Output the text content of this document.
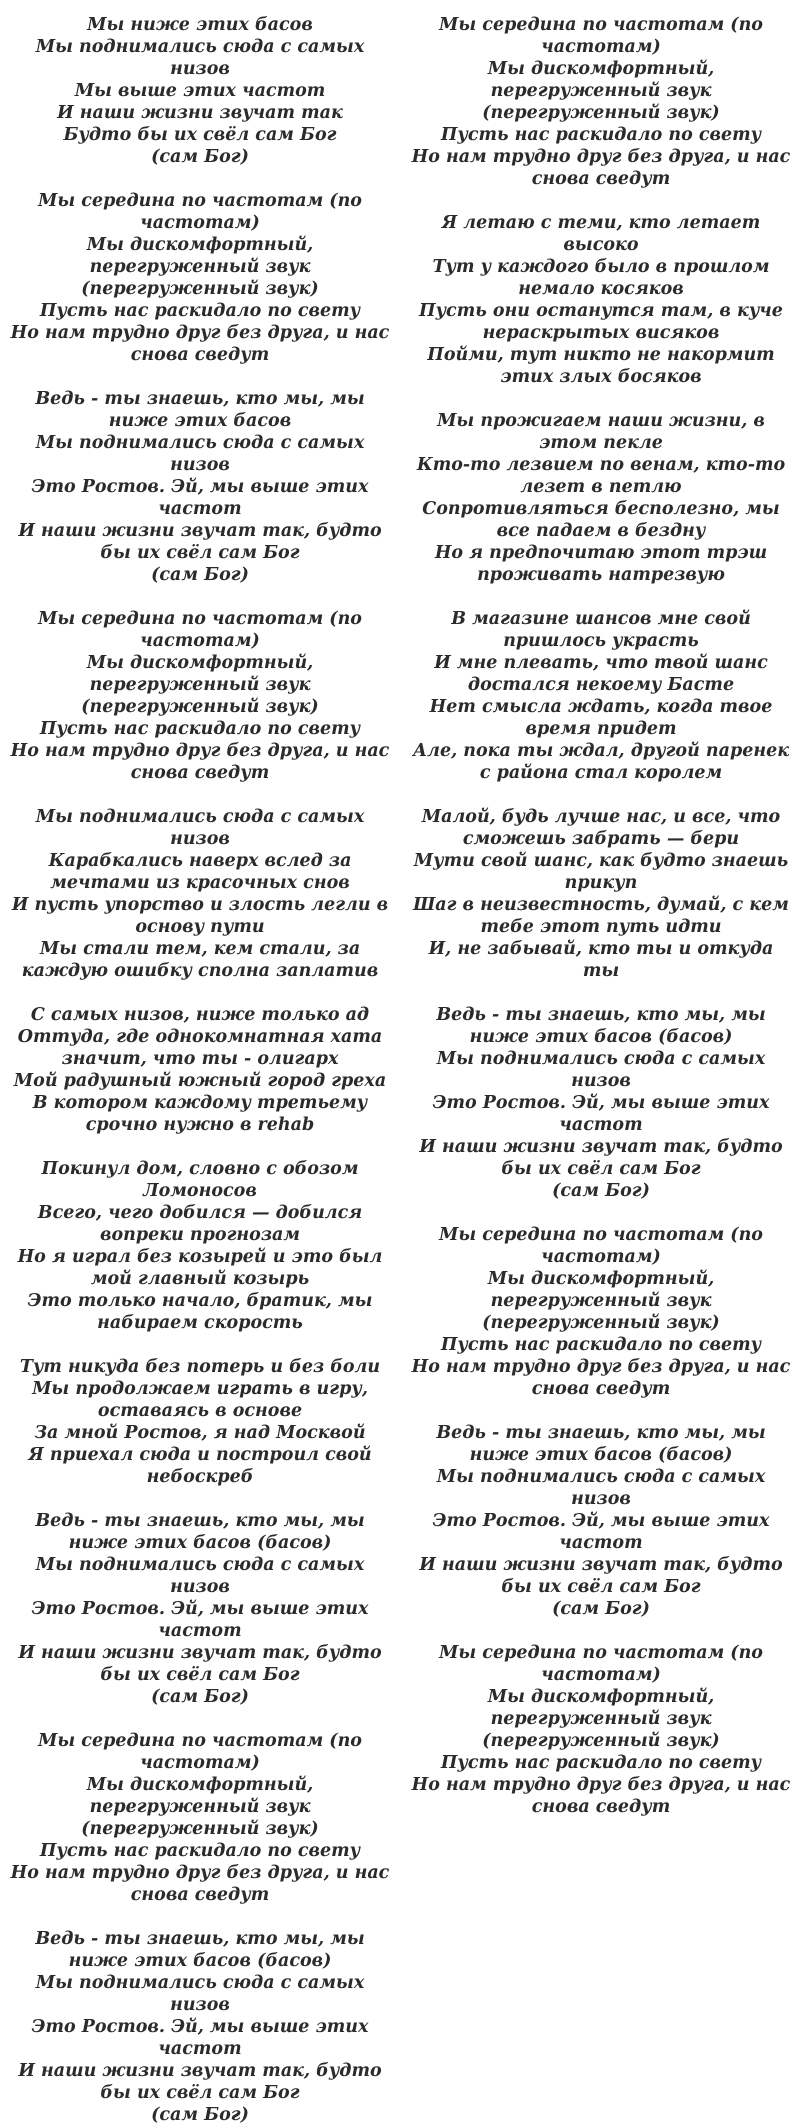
Мы ниже этих басов
Мы поднимались сюда с самых низов
Мы выше этих частот
И наши жизни звучат так
Будто бы их свёл сам Бог
(сам Бог)
Мы середина по частотам (по частотам)
Мы дискомфортный, перегруженный звук (перегруженный звук)
Пусть нас раскидало по свету
Но нам трудно друг без друга, и нас снова сведут
Ведь - ты знаешь, кто мы, мы ниже этих басов
Мы поднимались сюда с самых низов
Это Ростов. Эй, мы выше этих частот
И наши жизни звучат так, будто бы их свёл сам Бог
(сам Бог)
Мы середина по частотам (по частотам)
Мы дискомфортный, перегруженный звук (перегруженный звук)
Пусть нас раскидало по свету
Но нам трудно друг без друга, и нас снова сведут
Мы поднимались сюда с самых низов
Карабкались наверх вслед за мечтами из красочных снов
И пусть упорство и злость легли в основу пути
Мы стали тем, кем стали, за каждую ошибку сполна заплатив
С самых низов, ниже только ад
Оттуда, где однокомнатная хата значит, что ты - олигарх
Мой радушный южный город греха
В котором каждому третьему срочно нужно в rehab
Покинул дом, словно с обозом Ломоносов
Всего, чего добился — добился вопреки прогнозам
Но я играл без козырей и это был мой главный козырь
Это только начало, братик, мы набираем скорость
Тут никуда без потерь и без боли
Мы продолжаем играть в игру, оставаясь в основе
За мной Ростов, я над Москвой
Я приехал сюда и построил свой небоскреб
Ведь - ты знаешь, кто мы, мы ниже этих басов (басов)
Мы поднимались сюда с самых низов
Это Ростов. Эй, мы выше этих частот
И наши жизни звучат так, будто бы их свёл сам Бог
(сам Бог)
Мы середина по частотам (по частотам)
Мы дискомфортный, перегруженный звук (перегруженный звук)
Пусть нас раскидало по свету
Но нам трудно друг без друга, и нас снова сведут
Ведь - ты знаешь, кто мы, мы ниже этих басов (басов)
Мы поднимались сюда с самых низов
Это Ростов. Эй, мы выше этих частот
И наши жизни звучат так, будто бы их свёл сам Бог
(сам Бог)
Мы середина по частотам (по частотам)
Мы дискомфортный, перегруженный звук (перегруженный звук)
Пусть нас раскидало по свету
Но нам трудно друг без друга, и нас снова сведут
Я летаю с теми, кто летает высоко
Тут у каждого было в прошлом немало косяков
Пусть они останутся там, в куче нераскрытых висяков
Пойми, тут никто не накормит этих злых босяков
Мы прожигаем наши жизни, в этом пекле
Кто-то лезвием по венам, кто-то лезет в петлю
Сопротивляться бесполезно, мы все падаем в бездну
Но я предпочитаю этот трэш проживать натрезвую
В магазине шансов мне свой пришлось украсть
И мне плевать, что твой шанс достался некоему Басте
Нет смысла ждать, когда твое время придет
Алe, пока ты ждал, другой паренек с района стал королем
Малой, будь лучше нас, и все, что сможешь забрать — бери
Мути свой шанс, как будто знаешь прикуп
Шаг в неизвестность, думай, с кем тебе этот путь идти
И, не забывай, кто ты и откуда ты
Ведь - ты знаешь, кто мы, мы ниже этих басов (басов)
Мы поднимались сюда с самых низов
Это Ростов. Эй, мы выше этих частот
И наши жизни звучат так, будто бы их свёл сам Бог
(сам Бог)
Мы середина по частотам (по частотам)
Мы дискомфортный, перегруженный звук (перегруженный звук)
Пусть нас раскидало по свету
Но нам трудно друг без друга, и нас снова сведут
Ведь - ты знаешь, кто мы, мы ниже этих басов (басов)
Мы поднимались сюда с самых низов
Это Ростов. Эй, мы выше этих частот
И наши жизни звучат так, будто бы их свёл сам Бог
(сам Бог)
Мы середина по частотам (по частотам)
Мы дискомфортный, перегруженный звук (перегруженный звук)
Пусть нас раскидало по свету
Но нам трудно друг без друга, и нас снова сведут
